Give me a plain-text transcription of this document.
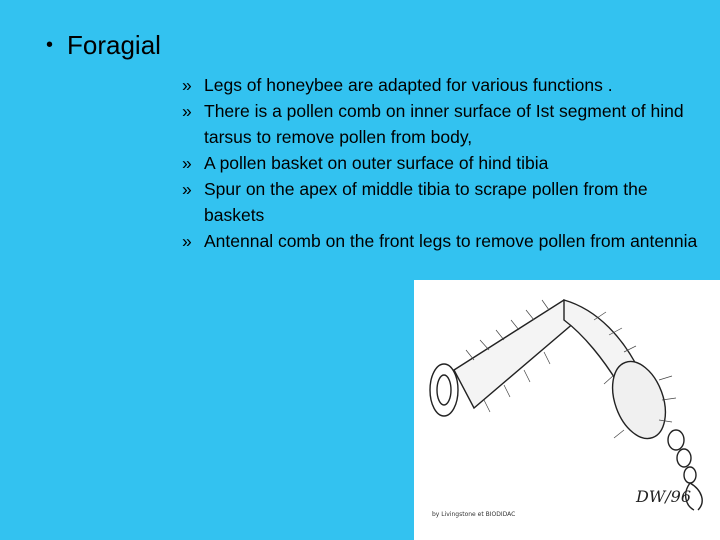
• Foragial
» Legs of honeybee are adapted for various functions .
» There is a pollen comb on inner surface of Ist segment of hind tarsus to remove pollen from body,
» A pollen basket on outer surface of hind tibia
» Spur on the apex of middle tibia to scrape pollen from the baskets
» Antennal comb on the front legs to remove pollen from antennia
DW/96
by Livingstone et BIODIDAC
